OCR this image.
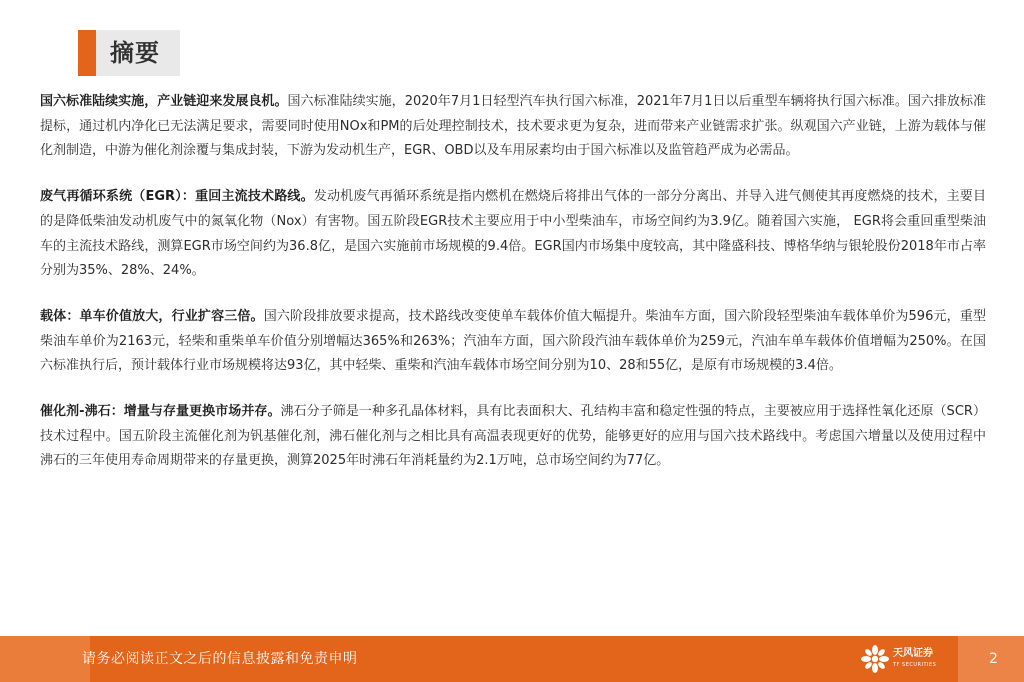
摘要

国六标准陆续实施，产业链迎来发展良机。国六标准陆续实施，2020年7月1日轻型汽车执行国六标准，2021年7月1日以后重型车辆将执行国六标准。国六排放标准提标，通过机内净化已无法满足要求，需要同时使用NOx和PM的后处理控制技术，技术要求更为复杂，进而带来产业链需求扩张。纵观国六产业链，上游为载体与催化剂制造，中游为催化剂涂覆与集成封装，下游为发动机生产，EGR、OBD以及车用尿素均由于国六标准以及监管趋严成为必需品。

废气再循环系统（EGR）：重回主流技术路线。发动机废气再循环系统是指内燃机在燃烧后将排出气体的一部分分离出、并导入进气侧使其再度燃烧的技术，主要目的是降低柴油发动机废气中的氮氧化物（Nox）有害物。国五阶段EGR技术主要应用于中小型柴油车，市场空间约为3.9亿。随着国六实施， EGR将会重回重型柴油车的主流技术路线，测算EGR市场空间约为36.8亿，是国六实施前市场规模的9.4倍。EGR国内市场集中度较高，其中隆盛科技、博格华纳与银轮股份2018年市占率分别为35%、28%、24%。

载体：单车价值放大，行业扩容三倍。国六阶段排放要求提高，技术路线改变使单车载体价值大幅提升。柴油车方面，国六阶段轻型柴油车载体单价为596元，重型柴油车单价为2163元，轻柴和重柴单车价值分别增幅达365%和263%；汽油车方面，国六阶段汽油车载体单价为259元，汽油车单车载体价值增幅为250%。在国六标准执行后，预计载体行业市场规模将达93亿，其中轻柴、重柴和汽油车载体市场空间分别为10、28和55亿，是原有市场规模的3.4倍。

催化剂-沸石：增量与存量更换市场并存。沸石分子筛是一种多孔晶体材料，具有比表面积大、孔结构丰富和稳定性强的特点，主要被应用于选择性氧化还原（SCR）技术过程中。国五阶段主流催化剂为钒基催化剂，沸石催化剂与之相比具有高温表现更好的优势，能够更好的应用与国六技术路线中。考虑国六增量以及使用过程中沸石的三年使用寿命周期带来的存量更换，测算2025年时沸石年消耗量约为2.1万吨，总市场空间约为77亿。

请务必阅读正文之后的信息披露和免责申明	天风证券
TF SECURITIES	2
